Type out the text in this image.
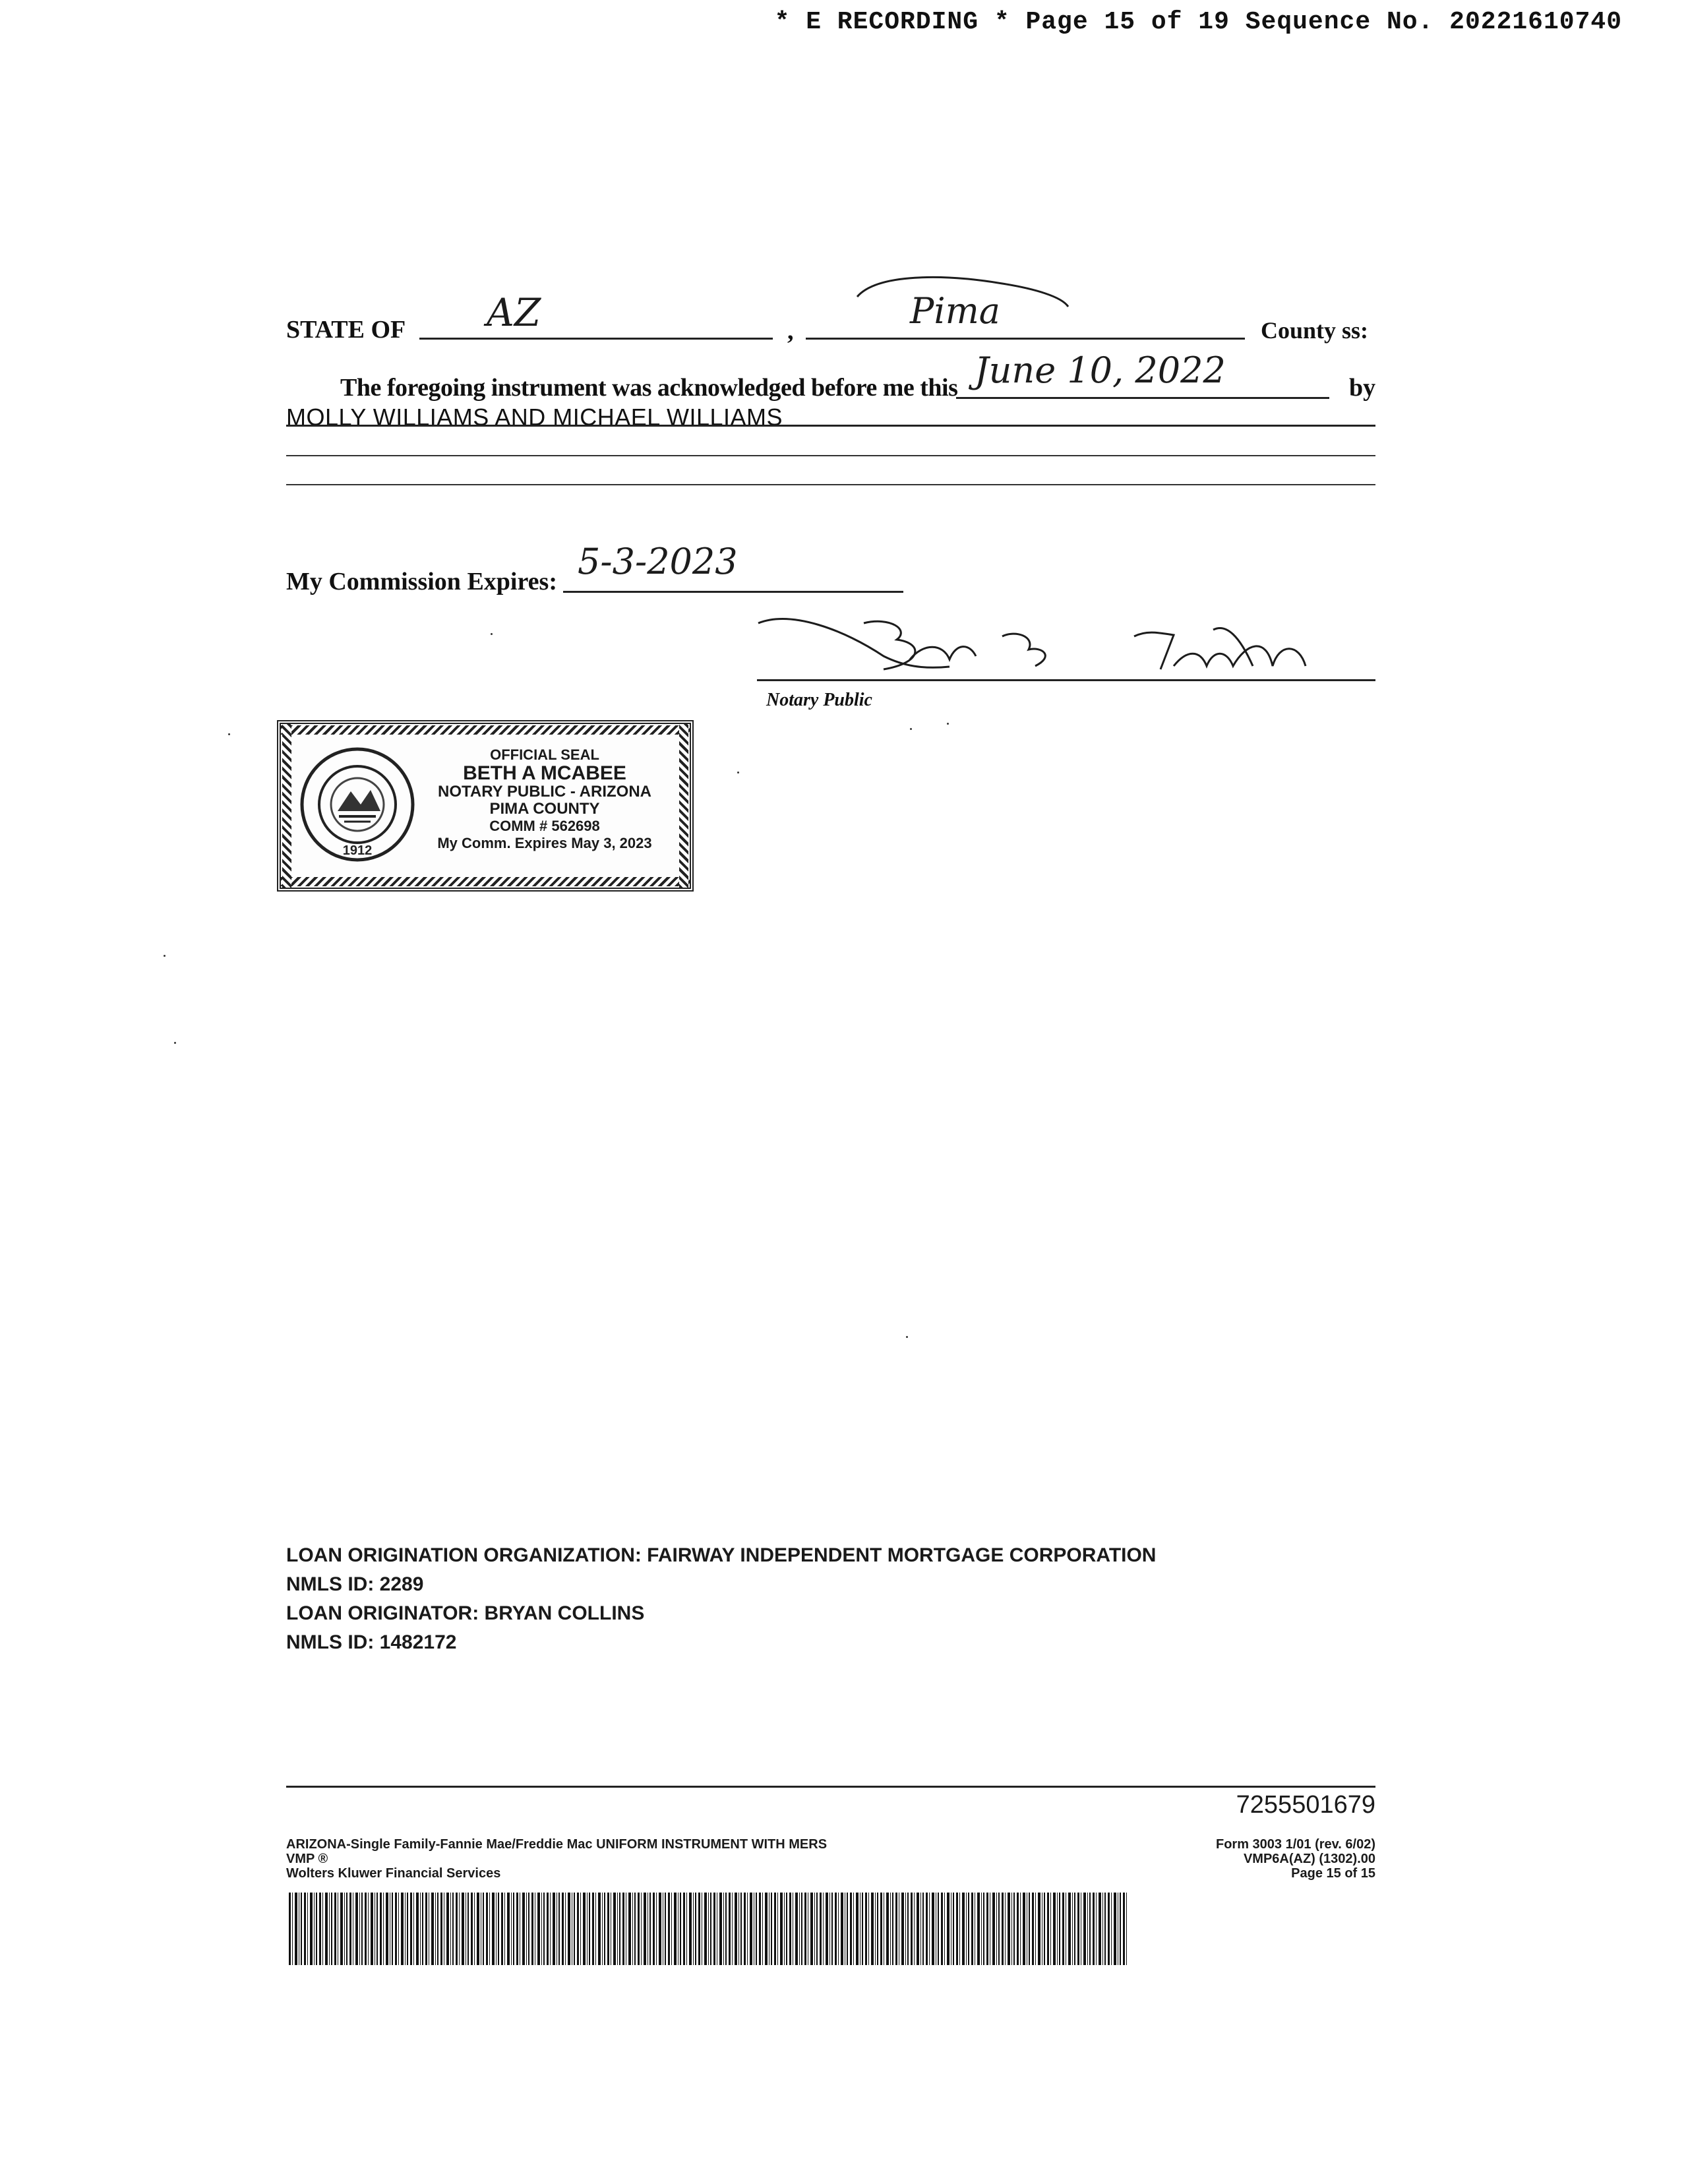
* E RECORDING * Page 15 of 19 Sequence No. 20221610740
STATE OF AZ	,	Pima	County ss:
The foregoing instrument was acknowledged before me this June 10, 2022	by
MOLLY WILLIAMS AND MICHAEL WILLIAMS
My Commission Expires: 5-3-2023
Notary Public
1912
OFFICIAL SEAL
BETH A MCABEE
NOTARY PUBLIC - ARIZONA
PIMA COUNTY
COMM # 562698
My Comm. Expires May 3, 2023
LOAN ORIGINATION ORGANIZATION: FAIRWAY INDEPENDENT MORTGAGE CORPORATION
NMLS ID: 2289
LOAN ORIGINATOR: BRYAN COLLINS
NMLS ID: 1482172
7255501679
ARIZONA-Single Family-Fannie Mae/Freddie Mac UNIFORM INSTRUMENT WITH MERS
VMP ®
Wolters Kluwer Financial Services
Form 3003 1/01 (rev. 6/02)
VMP6A(AZ) (1302).00
Page 15 of 15
